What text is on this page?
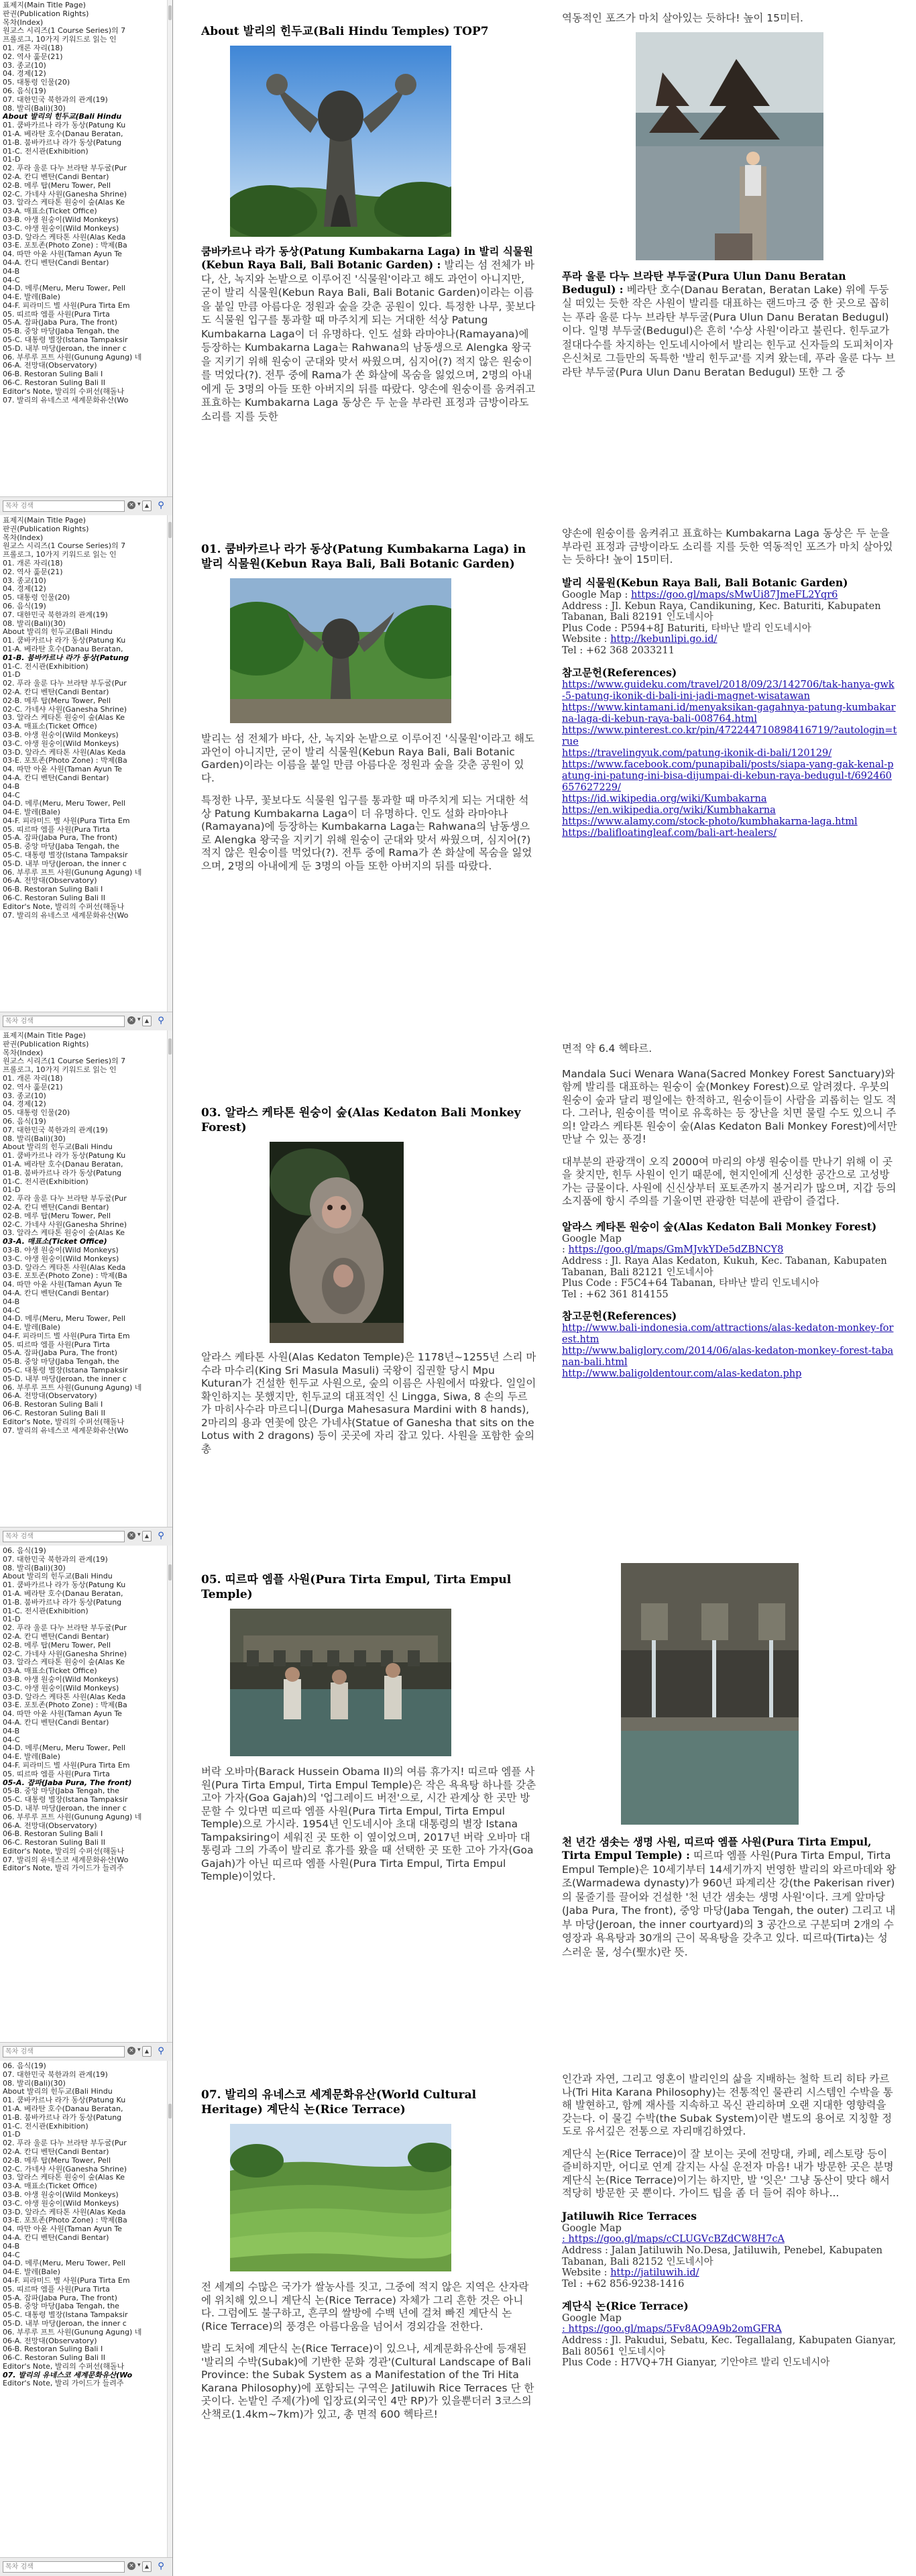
표제지(Main Title Page)
판권(Publication Rights)
목차(Index)
원교스 시리즈(1 Course Series)의 7
프롤로그, 10가지 키워드로 읽는 인
01. 개론 자리(18)
02. 역사 훑문(21)
03. 종교(10)
04. 경제(12)
05. 대통령 인물(20)
06. 음식(19)
07. 대한민국 북한과의 관계(19)
08. 발리(Bali)(30)
About 발리의 힌두교(Bali Hindu
01. 쿰바카르나 라가 동상(Patung Ku
01-A. 베라탄 호수(Danau Beratan,
01-B. 붐바카르나 라가 동상(Patung
01-C. 전시관(Exhibition)
01-D
02. 푸라 울룬 다누 브라탄 부두굴(Pur
02-A. 칸디 벤탄(Candi Bentar)
02-B. 메루 탑(Meru Tower, Pell
02-C. 가네샤 사원(Ganesha Shrine)
03. 알라스 케타톤 원숭이 숲(Alas Ke
03-A. 매표소(Ticket Office)
03-B. 야생 원숭이(Wild Monkeys)
03-C. 야생 원숭이(Wild Monkeys)
03-D. 알라스 케타톤 사원(Alas Keda
03-E. 포토존(Photo Zone) : 박제(Ba
04. 따만 아윤 사원(Taman Ayun Te
04-A. 칸디 벤탄(Candi Bentar)
04-B
04-C
04-D. 메루(Meru, Meru Tower, Pell
04-E. 발레(Bale)
04-F. 피라미드 별 사원(Pura Tirta Em
05. 띠르따 엠플 사원(Pura Tirta
05-A. 잡파(Jaba Pura, The front)
05-B. 중앙 마당(Jaba Tengah, the
05-C. 대통령 별장(Istana Tampaksir
05-D. 내부 마당(Jeroan, the inner c
06. 부루루 프트 사원(Gunung Agung) 네
06-A. 전망대(Observatory)
06-B. Restoran Suling Bali I
06-C. Restoran Suling Bali II
Editor's Note, 발리의 수퍼선(해돌나
07. 발리의 유네스코 세계문화유산(Wo
목차 검색
× ▾ ▲	⚲
표제지(Main Title Page)
판권(Publication Rights)
목차(Index)
원교스 시리즈(1 Course Series)의 7
프롤로그, 10가지 키워드로 읽는 인
01. 개론 자리(18)
02. 역사 훑문(21)
03. 종교(10)
04. 경제(12)
05. 대통령 인물(20)
06. 음식(19)
07. 대한민국 북한과의 관계(19)
08. 발리(Bali)(30)
About 발리의 힌두교(Bali Hindu
01. 쿰바카르나 라가 동상(Patung Ku
01-A. 베라탄 호수(Danau Beratan,
01-B. 붐바카르나 라가 동상(Patung
01-C. 전시관(Exhibition)
01-D
02. 푸라 울룬 다누 브라탄 부두굴(Pur
02-A. 칸디 벤탄(Candi Bentar)
02-B. 메루 탑(Meru Tower, Pell
02-C. 가네샤 사원(Ganesha Shrine)
03. 알라스 케타톤 원숭이 숲(Alas Ke
03-A. 매표소(Ticket Office)
03-B. 야생 원숭이(Wild Monkeys)
03-C. 야생 원숭이(Wild Monkeys)
03-D. 알라스 케타톤 사원(Alas Keda
03-E. 포토존(Photo Zone) : 박제(Ba
04. 따만 아윤 사원(Taman Ayun Te
04-A. 칸디 벤탄(Candi Bentar)
04-B
04-C
04-D. 메루(Meru, Meru Tower, Pell
04-E. 발레(Bale)
04-F. 피라미드 별 사원(Pura Tirta Em
05. 띠르따 엠플 사원(Pura Tirta
05-A. 잡파(Jaba Pura, The front)
05-B. 중앙 마당(Jaba Tengah, the
05-C. 대통령 별장(Istana Tampaksir
05-D. 내부 마당(Jeroan, the inner c
06. 부루루 프트 사원(Gunung Agung) 네
06-A. 전망대(Observatory)
06-B. Restoran Suling Bali I
06-C. Restoran Suling Bali II
Editor's Note, 발리의 수퍼선(해돌나
07. 발리의 유네스코 세계문화유산(Wo
목차 검색
× ▾ ▲	⚲
표제지(Main Title Page)
판권(Publication Rights)
목차(Index)
원교스 시리즈(1 Course Series)의 7
프롤로그, 10가지 키워드로 읽는 인
01. 개론 자리(18)
02. 역사 훑문(21)
03. 종교(10)
04. 경제(12)
05. 대통령 인물(20)
06. 음식(19)
07. 대한민국 북한과의 관계(19)
08. 발리(Bali)(30)
About 발리의 힌두교(Bali Hindu
01. 쿰바카르나 라가 동상(Patung Ku
01-A. 베라탄 호수(Danau Beratan,
01-B. 붐바카르나 라가 동상(Patung
01-C. 전시관(Exhibition)
01-D
02. 푸라 울룬 다누 브라탄 부두굴(Pur
02-A. 칸디 벤탄(Candi Bentar)
02-B. 메루 탑(Meru Tower, Pell
02-C. 가네샤 사원(Ganesha Shrine)
03. 알라스 케타톤 원숭이 숲(Alas Ke
03-A. 매표소(Ticket Office)
03-B. 야생 원숭이(Wild Monkeys)
03-C. 야생 원숭이(Wild Monkeys)
03-D. 알라스 케타톤 사원(Alas Keda
03-E. 포토존(Photo Zone) : 박제(Ba
04. 따만 아윤 사원(Taman Ayun Te
04-A. 칸디 벤탄(Candi Bentar)
04-B
04-C
04-D. 메루(Meru, Meru Tower, Pell
04-E. 발레(Bale)
04-F. 피라미드 별 사원(Pura Tirta Em
05. 띠르따 엠플 사원(Pura Tirta
05-A. 잡파(Jaba Pura, The front)
05-B. 중앙 마당(Jaba Tengah, the
05-C. 대통령 별장(Istana Tampaksir
05-D. 내부 마당(Jeroan, the inner c
06. 부루루 프트 사원(Gunung Agung) 네
06-A. 전망대(Observatory)
06-B. Restoran Suling Bali I
06-C. Restoran Suling Bali II
Editor's Note, 발리의 수퍼선(해돌나
07. 발리의 유네스코 세계문화유산(Wo
목차 검색
× ▾ ▲	⚲
06. 음식(19)
07. 대한민국 북한과의 관계(19)
08. 발리(Bali)(30)
About 발리의 힌두교(Bali Hindu
01. 쿰바카르나 라가 동상(Patung Ku
01-A. 베라탄 호수(Danau Beratan,
01-B. 붐바카르나 라가 동상(Patung
01-C. 전시관(Exhibition)
01-D
02. 푸라 울룬 다누 브라탄 부두굴(Pur
02-A. 칸디 벤탄(Candi Bentar)
02-B. 메루 탑(Meru Tower, Pell
02-C. 가네샤 사원(Ganesha Shrine)
03. 알라스 케타톤 원숭이 숲(Alas Ke
03-A. 매표소(Ticket Office)
03-B. 야생 원숭이(Wild Monkeys)
03-C. 야생 원숭이(Wild Monkeys)
03-D. 알라스 케타톤 사원(Alas Keda
03-E. 포토존(Photo Zone) : 박제(Ba
04. 따만 아윤 사원(Taman Ayun Te
04-A. 칸디 벤탄(Candi Bentar)
04-B
04-C
04-D. 메루(Meru, Meru Tower, Pell
04-E. 발레(Bale)
04-F. 피라미드 별 사원(Pura Tirta Em
05. 띠르따 엠플 사원(Pura Tirta
05-A. 잡파(Jaba Pura, The front)
05-B. 중앙 마당(Jaba Tengah, the
05-C. 대통령 별장(Istana Tampaksir
05-D. 내부 마당(Jeroan, the inner c
06. 부루루 프트 사원(Gunung Agung) 네
06-A. 전망대(Observatory)
06-B. Restoran Suling Bali I
06-C. Restoran Suling Bali II
Editor's Note, 발리의 수퍼선(해돌나
07. 발리의 유네스코 세계문화유산(Wo
Editor's Note, 발리 가이드가 들려주
목차 검색
× ▾ ▲	⚲
06. 음식(19)
07. 대한민국 북한과의 관계(19)
08. 발리(Bali)(30)
About 발리의 힌두교(Bali Hindu
01. 쿰바카르나 라가 동상(Patung Ku
01-A. 베라탄 호수(Danau Beratan,
01-B. 붐바카르나 라가 동상(Patung
01-C. 전시관(Exhibition)
01-D
02. 푸라 울룬 다누 브라탄 부두굴(Pur
02-A. 칸디 벤탄(Candi Bentar)
02-B. 메루 탑(Meru Tower, Pell
02-C. 가네샤 사원(Ganesha Shrine)
03. 알라스 케타톤 원숭이 숲(Alas Ke
03-A. 매표소(Ticket Office)
03-B. 야생 원숭이(Wild Monkeys)
03-C. 야생 원숭이(Wild Monkeys)
03-D. 알라스 케타톤 사원(Alas Keda
03-E. 포토존(Photo Zone) : 박제(Ba
04. 따만 아윤 사원(Taman Ayun Te
04-A. 칸디 벤탄(Candi Bentar)
04-B
04-C
04-D. 메루(Meru, Meru Tower, Pell
04-E. 발레(Bale)
04-F. 피라미드 별 사원(Pura Tirta Em
05. 띠르따 엠플 사원(Pura Tirta
05-A. 잡파(Jaba Pura, The front)
05-B. 중앙 마당(Jaba Tengah, the
05-C. 대통령 별장(Istana Tampaksir
05-D. 내부 마당(Jeroan, the inner c
06. 부루루 프트 사원(Gunung Agung) 네
06-A. 전망대(Observatory)
06-B. Restoran Suling Bali I
06-C. Restoran Suling Bali II
Editor's Note, 발리의 수퍼선(해돌나
07. 발리의 유네스코 세계문화유산(Wo
Editor's Note, 발리 가이드가 들려주
목차 검색
× ▾ ▲	⚲
About 발리의 힌두교(Bali Hindu Temples) TOP7
쿰바카르나 라가 동상(Patung Kumbakarna Laga) in 발리 식물원(Kebun Raya Bali, Bali Botanic Garden) : 발리는 섬 전체가 바다, 산, 녹지와 논밭으로 이루어진 '식물원'이라고 해도 과언이 아니지만, 굳이 발리 식물원(Kebun Raya Bali, Bali Botanic Garden)이라는 이름을 붙일 만큼 아름다운 정원과 숲을 갖춘 공원이 있다. 특정한 나무, 꽃보다도 식물원 입구를 통과할 때 마주치게 되는 거대한 석상 Patung Kumbakarna Laga이 더 유명하다. 인도 설화 라마야나(Ramayana)에 등장하는 Kumbakarna Laga는 Rahwana의 남동생으로 Alengka 왕국을 지키기 위해 원숭이 군대와 맞서 싸웠으며, 심지어(?) 적지 않은 원숭이를 먹었다(?). 전투 중에 Rama가 쏜 화살에 목숨을 잃었으며, 2명의 아내에게 둔 3명의 아들 또한 아버지의 뒤를 따랐다. 양손에 원숭이를 움켜쥐고 표효하는 Kumbakarna Laga 동상은 두 눈을 부라린 표정과 금방이라도 소리를 지를 듯한
역동적인 포즈가 마치 살아있는 듯하다! 높이 15미터.
푸라 울룬 다누 브라탄 부두굴(Pura Ulun Danu Beratan Bedugul) : 베라탄 호수(Danau Beratan, Beratan Lake) 위에 두둥실 떠있는 듯한 작은 사원이 발리를 대표하는 랜드마크 중 한 곳으로 꼽히는 푸라 울룬 다누 브라탄 부두굴(Pura Ulun Danu Beratan Bedugul)이다. 일명 부두굴(Bedugul)은 흔히 '수상 사원'이라고 불린다. 힌두교가 절대다수를 차지하는 인도네시아에서 발리는 힌두교 신자들의 도피처이자 은신처로 그들만의 독특한 '발리 힌두교'를 지켜 왔는데, 푸라 울룬 다누 브라탄 부두굴(Pura Ulun Danu Beratan Bedugul) 또한 그 중
01. 쿰바카르나 라가 동상(Patung Kumbakarna Laga) in 발리 식물원(Kebun Raya Bali, Bali Botanic Garden)
발리는 섬 전체가 바다, 산, 녹지와 논밭으로 이루어진 '식물원'이라고 해도 과언이 아니지만, 굳이 발리 식물원(Kebun Raya Bali, Bali Botanic Garden)이라는 이름을 붙일 만큼 아름다운 정원과 숲을 갖춘 공원이 있다.
특정한 나무, 꽃보다도 식물원 입구를 통과할 때 마주치게 되는 거대한 석상 Patung Kumbakarna Laga이 더 유명하다. 인도 설화 라마야나(Ramayana)에 등장하는 Kumbakarna Laga는 Rahwana의 남동생으로 Alengka 왕국을 지키기 위해 원숭이 군대와 맞서 싸웠으며, 심지어(?) 적지 않은 원숭이를 먹었다(?). 전투 중에 Rama가 쏜 화살에 목숨을 잃었으며, 2명의 아내에게 둔 3명의 아들 또한 아버지의 뒤를 따랐다.
양손에 원숭이를 움켜쥐고 표효하는 Kumbakarna Laga 동상은 두 눈을 부라린 표정과 금방이라도 소리를 지를 듯한 역동적인 포즈가 마치 살아있는 듯하다! 높이 15미터.
발리 식물원(Kebun Raya Bali, Bali Botanic Garden)
Google Map : https://goo.gl/maps/sMwUi87JmeFL2Yqr6
Address : Jl. Kebun Raya, Candikuning, Kec. Baturiti, Kabupaten Tabanan, Bali 82191 인도네시아
Plus Code : P594+8J Baturiti, 타바난 발리 인도네시아
Website : http://kebunlipi.go.id/
Tel : +62 368 2033211
참고문헌(References)
https://www.guideku.com/travel/2018/09/23/142706/tak-hanya-gwk-5-patung-ikonik-di-bali-ini-jadi-magnet-wisatawan
https://www.kintamani.id/menyaksikan-gagahnya-patung-kumbakarna-laga-di-kebun-raya-bali-008764.html
https://www.pinterest.co.kr/pin/472244710898416719/?autologin=true
https://travelingyuk.com/patung-ikonik-di-bali/120129/
https://www.facebook.com/punapibali/posts/siapa-yang-gak-kenal-patung-ini-patung-ini-bisa-dijumpai-di-kebun-raya-bedugul-t/692460657627229/
https://id.wikipedia.org/wiki/Kumbakarna
https://en.wikipedia.org/wiki/Kumbhakarna
https://www.alamy.com/stock-photo/kumbhakarna-laga.html
https://balifloatingleaf.com/bali-art-healers/
03. 알라스 케타톤 원숭이 숲(Alas Kedaton Bali Monkey Forest)
알라스 케타톤 사원(Alas Kedaton Temple)은 1178년~1255년 스리 마수라 마수리(King Sri Masula Masuli) 국왕이 집권할 당시 Mpu Kuturan가 건설한 힌두교 사원으로, 숲의 이름은 사원에서 따왔다. 일일이 확인하지는 못했지만, 힌두교의 대표적인 신 Lingga, Siwa, 8 손의 두르가 마히사수라 마르디니(Durga Mahesasura Mardini with 8 hands), 2마리의 용과 연꽃에 앉은 가네샤(Statue of Ganesha that sits on the Lotus with 2 dragons) 등이 곳곳에 자리 잡고 있다. 사원을 포함한 숲의 총
면적 약 6.4 헥타르.
Mandala Suci Wenara Wana(Sacred Monkey Forest Sanctuary)와 함께 발리를 대표하는 원숭이 숲(Monkey Forest)으로 알려졌다. 우붓의 원숭이 숲과 달리 평일에는 한적하고, 원숭이들이 사람을 괴롭히는 일도 적다. 그러나, 원숭이를 먹이로 유혹하는 등 장난을 치면 물릴 수도 있으니 주의! 알라스 케타톤 원숭이 숲(Alas Kedaton Bali Monkey Forest)에서만 만날 수 있는 풍경!
대부분의 관광객이 오직 2000여 마리의 야생 원숭이를 만나기 위해 이 곳을 찾지만, 힌두 사원이 인기 때문에, 현지인에게 신성한 공간으로 고성방가는 금물이다. 사원에 신신상부터 포토존까지 볼거리가 많으며, 지갑 등의 소지품에 항시 주의를 기울이면 관광한 덕분에 관람이 즐겁다.
알라스 케타톤 원숭이 숲(Alas Kedaton Bali Monkey Forest)
Google Map
: https://goo.gl/maps/GmMJvkYDe5dZBNCY8
Address : Jl. Raya Alas Kedaton, Kukuh, Kec. Tabanan, Kabupaten Tabanan, Bali 82121 인도네시아
Plus Code : F5C4+64 Tabanan, 타바난 발리 인도네시아
Tel : +62 361 814155
참고문헌(References)
http://www.bali-indonesia.com/attractions/alas-kedaton-monkey-forest.htm
http://www.baliglory.com/2014/06/alas-kedaton-monkey-forest-tabanan-bali.html
http://www.baligoldentour.com/alas-kedaton.php
05. 띠르따 엠플 사원(Pura Tirta Empul, Tirta Empul Temple)
버락 오바마(Barack Hussein Obama II)의 여름 휴가지! 띠르따 엠플 사원(Pura Tirta Empul, Tirta Empul Temple)은 작은 욕욕탕 하나를 갖춘 고아 가자(Goa Gajah)의 '업그레이드 버전'으로, 시간 관계상 한 곳만 방문할 수 있다면 띠르따 엠플 사원(Pura Tirta Empul, Tirta Empul Temple)으로 가시라. 1954년 인도네시아 초대 대통령의 별장 Istana Tampaksiring이 세워진 곳 또한 이 옆이었으며, 2017년 버락 오바마 대통령과 그의 가족이 발리로 휴가를 왔을 때 선택한 곳 또한 고아 가자(Goa Gajah)가 아닌 띠르따 엠플 사원(Pura Tirta Empul, Tirta Empul Temple)이었다.
천 년간 샘솟는 생명 사원, 띠르따 엠플 사원(Pura Tirta Empul, Tirta Empul Temple) : 띠르따 엠플 사원(Pura Tirta Empul, Tirta Empul Temple)은 10세기부터 14세기까지 번영한 발리의 와르마데와 왕조(Warmadewa dynasty)가 960년 파계리산 강(the Pakerisan river)의 물줄기를 끌어와 건설한 '천 년간 샘솟는 생명 사원'이다. 크게 앞마당(Jaba Pura, The front), 중앙 마당(Jaba Tengah, the outer) 그리고 내부 마당(Jeroan, the inner courtyard)의 3 공간으로 구분되며 2개의 수영장과 욕욕탕과 30개의 근이 목욕탕을 갖추고 있다. 띠르따(Tirta)는 성스러운 물, 성수(聖水)란 뜻.
07. 발리의 유네스코 세계문화유산(World Cultural Heritage) 계단식 논(Rice Terrace)
전 세계의 수많은 국가가 쌀농사를 짓고, 그중에 적지 않은 지역은 산자락에 위치해 있으니 계단식 논(Rice Terrace) 자체가 그리 흔한 것은 아니다. 그럼에도 불구하고, 흔쿠의 쌀방에 수백 년에 걸쳐 빠진 계단식 논(Rice Terrace)의 풍경은 아름다움을 넘어서 경외감을 전한다.
발리 도처에 계단식 논(Rice Terrace)이 있으나, 세계문화유산에 등재된 '발리의 수박(Subak)에 기반한 문화 경관'(Cultural Landscape of Bali Province: the Subak System as a Manifestation of the Tri Hita Karana Philosophy)에 포함되는 구역은 Jatiluwih Rice Terraces 단 한 곳이다. 논밭인 주제(가)에 입장료(외국인 4만 RP)가 있을뿐더러 3코스의 산책로(1.4km~7km)가 있고, 총 면적 600 헥타르!
인간과 자연, 그리고 영혼이 발리인의 삶을 지배하는 철학 트리 히타 카르나(Tri Hita Karana Philosophy)는 전통적인 물관리 시스템인 수박을 통해 발현하고, 함께 재사를 지속하고 목신 관리하며 오랜 지대한 영향력을 갖는다. 이 물길 수박(the Subak System)이란 별도의 용어로 지칭할 정도로 유서깊은 전통으로 자리매김하였다.
계단식 논(Rice Terrace)이 잘 보이는 곳에 전망대, 카페, 레스토랑 등이 즐비하지만, 어디로 연계 갈지는 사실 운전자 마음! 내가 방문한 곳은 분명 계단식 논(Rice Terrace)이기는 하지만, 발 '잇은' 그냥 동산이 맞다 해서 적당히 방문한 곳 뿐이다. 가이드 팁을 좀 더 들어 줘야 하나...
Jatiluwih Rice Terraces
Google Map
: https://goo.gl/maps/cCLUGVcBZdCW8H7cA
Address : Jalan Jatiluwih No.Desa, Jatiluwih, Penebel, Kabupaten Tabanan, Bali 82152 인도네시아
Website : http://jatiluwih.id/
Tel : +62 856-9238-1416
계단식 논(Rice Terrace)
Google Map
: https://goo.gl/maps/5Fv8AQ9A9b2omGFRA
Address : Jl. Pakudui, Sebatu, Kec. Tegallalang, Kabupaten Gianyar, Bali 80561 인도네시아
Plus Code : H7VQ+7H Gianyar, 기안야르 발리 인도네시아
